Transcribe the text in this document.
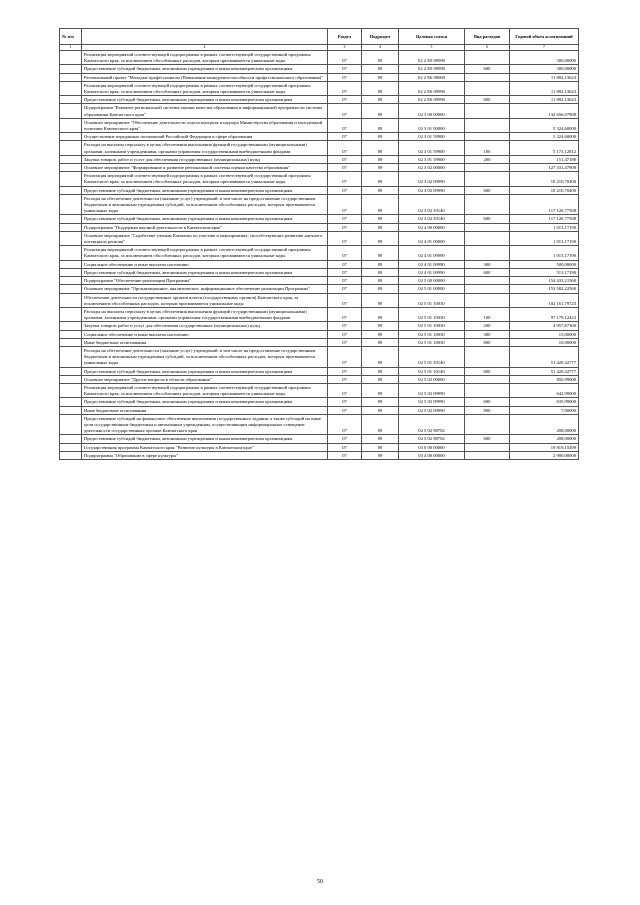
№ п/п		Раздел	Подраздел	Целевая статья	Вид расходов	Годовой объем ассигнований
1	2	3	4	5	6	7
	Реализация мероприятий соответствующей подпрограммы в рамках соответствующей государственной программы Камчатского края, за исключением обособленных расходов, которым присваиваются уникальные коды	07	09	02 2 Е0 09990		300,00000
	Предоставление субсидий бюджетным, автономным учреждениям и иным некоммерческим организациям	07	09	02 2 Е0 09990	600	300,00000
	Региональный проект "Молодые профессионалы (Повышение конкурентоспособности профессионального образования)"	07	09	02 2 Е6 00000		11 802,13623
	Реализация мероприятий соответствующей подпрограммы в рамках соответствующей государственной программы Камчатского края, за исключением обособленных расходов, которым присваиваются уникальные коды	07	09	02 2 Е6 09990		11 802,13623
	Предоставление субсидий бюджетным, автономным учреждениям и иным некоммерческим организациям	07	09	02 2 Е6 09990	600	11 802,13623
	Подпрограмма "Развитие региональной системы оценки качества образования и информационной прозрачности системы образования Камчатского края"	07	09	02 3 00 00000		132 656,07908
	Основное мероприятие "Обеспечение деятельности отдела контроля и надзора Министерства образования и молодежной политики Камчатского края"	07	09	02 3 01 00000		5 324,60000
	Осуществление переданных полномочий Российской Федерации в сфере образования	07	09	02 3 01 59900		5 324,60000
	Расходы на выплаты персоналу в целях обеспечения выполнения функций государственными (муниципальными) органами, казенными учреждениями, органами управления государственными внебюджетными фондами	07	09	02 3 01 59900	100	5 173,12812
	Закупка товаров, работ и услуг для обеспечения государственных (муниципальных) нужд	07	09	02 3 01 59900	200	151,47188
	Основное мероприятие "Формирование и развитие региональной системы оценки качества образования"	07	09	02 3 02 00000		127 331,47908
	Реализация мероприятий соответствующей подпрограммы в рамках соответствующей государственной программы Камчатского края, за исключением обособленных расходов, которым присваиваются уникальные коды	07	09	02 3 02 09990		10 210,70400
	Предоставление субсидий бюджетным, автономным учреждениям и иным некоммерческим организациям	07	09	02 3 02 09990	600	10 210,70400
	Расходы на обеспечение деятельности (оказание услуг) учреждений, в том числе на предоставление государственным бюджетным и автономным учреждениям субсидий, за исключением обособленных расходов, которым присваиваются уникальные коды	07	09	02 3 02 10140		117 120,77508
	Предоставление субсидий бюджетным, автономным учреждениям и иным некоммерческим организациям	07	09	02 3 02 10140	600	117 120,77508
	Подпрограмма "Поддержка научной деятельности в Камчатском крае"	07	09	02 4 00 00000		1 013,17190
	Основное мероприятие "Содействие ученым Камчатки по участию в мероприятиях, способствующих развитию научного потенциала региона"	07	09	02 4 01 00000		1 013,17190
	Реализация мероприятий соответствующей подпрограммы в рамках соответствующей государственной программы Камчатского края, за исключением обособленных расходов, которым присваиваются уникальные коды	07	09	02 4 01 09990		1 013,17190
	Социальное обеспечение и иные выплаты населению	07	09	02 4 01 09990	300	500,00000
	Предоставление субсидий бюджетным, автономным учреждениям и иным некоммерческим организациям	07	09	02 4 01 09990	600	513,17190
	Подпрограмма "Обеспечение реализации Программы"	07	09	02 5 00 00000		154 433,21560
	Основное мероприятие "Организационное, аналитическое, информационное обеспечение реализации Программы"	07	09	02 5 01 00000		153 582,22560
	Обеспечение деятельности государственных органов власти (государственных органов) Камчатского края, за исключением обособленных расходов, которым присваиваются уникальные коды	07	09	02 5 01 10030		102 161,79723
	Расходы на выплаты персоналу в целях обеспечения выполнения функций государственными (муниципальными) органами, казенными учреждениями, органами управления государственными внебюджетными фондами	07	09	02 5 01 10030	100	97 179,12423
	Закупка товаров, работ и услуг для обеспечения государственных (муниципальных) нужд	07	09	02 5 01 10030	200	4 957,67300
	Социальное обеспечение и иные выплаты населению	07	09	02 5 01 10030	300	15,00000
	Иные бюджетные ассигнования	07	09	02 5 01 10030	800	10,00000
	Расходы на обеспечение деятельности (оказание услуг) учреждений, в том числе на предоставление государственным бюджетным и автономным учреждениям субсидий, за исключением обособленных расходов, которым присваиваются уникальные коды	07	09	02 5 01 10140		51 420,42777
	Предоставление субсидий бюджетным, автономным учреждениям и иным некоммерческим организациям	07	09	02 5 01 10140	600	51 420,42777
	Основное мероприятие "Другие вопросы в области образования"	07	09	02 5 02 00000		850,99000
	Реализация мероприятий соответствующей подпрограммы в рамках соответствующей государственной программы Камчатского края, за исключением обособленных расходов, которым присваиваются уникальные коды	07	09	02 5 02 09990		642,99000
	Предоставление субсидий бюджетным, автономным учреждениям и иным некоммерческим организациям	07	09	02 5 02 09990	600	635,99000
	Иные бюджетные ассигнования	07	09	02 5 02 09990	800	7,00000
	Предоставление субсидий на финансовое обеспечение выполнения государственного задания, а также субсидий на иные цели государственным бюджетным и автономным учреждениям, осуществляющим информационное освещение деятельности государственных органов Камчатского края	07	09	02 5 02 98702		208,00000
	Предоставление субсидий бюджетным, автономным учреждениям и иным некоммерческим организациям	07	09	02 5 02 98702	600	208,00000
	Государственная программа Камчатского края "Развитие культуры в Камчатском крае"	07	09	03 0 00 00000		19 819,15499
	Подпрограмма "Образование в сфере культуры"	07	09	03 4 00 00000		2 900,00000
50
